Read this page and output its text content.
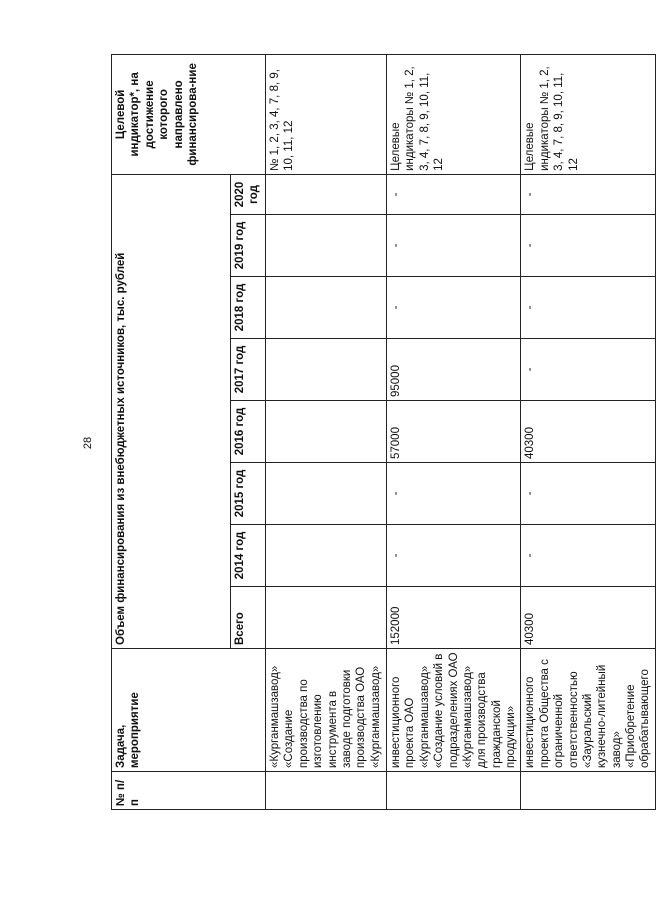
28
№ п/п	Задача, мероприятие	Объем финансирования из внебюджетных источников, тыс. рублей								Целевой индикатор*, на достижение которого направлено финансирова-ние
		Всего	2014 год	2015 год	2016 год	2017 год	2018 год	2019 год	2020 год	
	«Курганмашзавод» «Создание производства по изготовлению инструмента в заводе подготовки производства ОАО «Курганмашзавод»									№ 1, 2, 3, 4, 7, 8, 9, 10, 11, 12
	инвестиционного проекта ОАО «Курганмашзавод» «Создание условий в подразделениях ОАО «Курганмашзавод» для производства гражданской продукции»	152000	-	-	57000	95000	-	-	-	Целевые индикаторы № 1, 2, 3, 4, 7, 8, 9, 10, 11, 12
	инвестиционного проекта Общества с ограниченной ответственностью «Зауральский кузнечно-литейный завод» «Приобретение обрабатывающего	40300	-	-	40300	-	-	-	-	Целевые индикаторы № 1, 2, 3, 4, 7, 8, 9, 10, 11, 12
